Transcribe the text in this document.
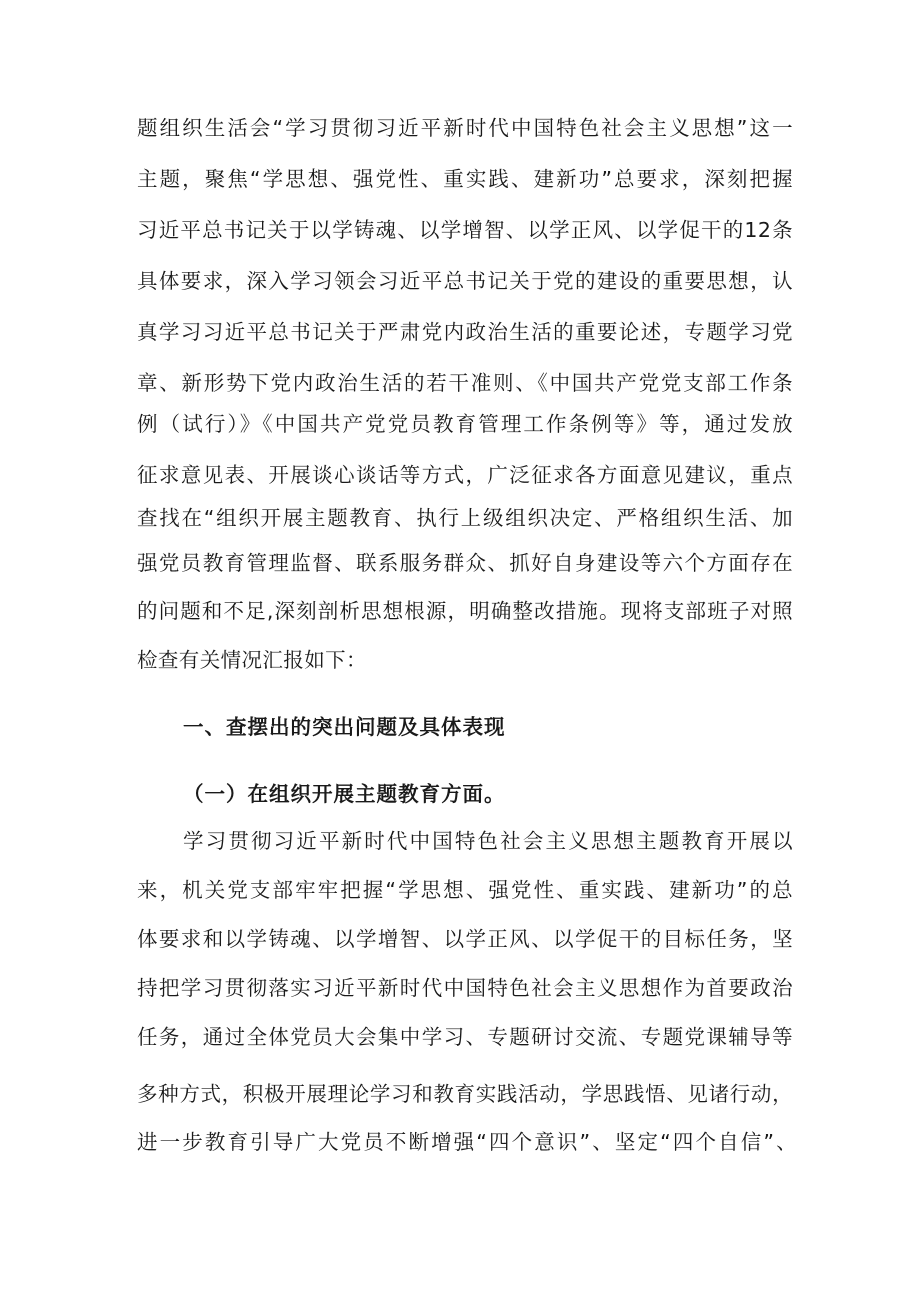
题组织生活会“学习贯彻习近平新时代中国特色社会主义思想”这一
主题，聚焦“学思想、强党性、重实践、建新功”总要求，深刻把握
习近平总书记关于以学铸魂、以学增智、以学正风、以学促干的12条
具体要求，深入学习领会习近平总书记关于党的建设的重要思想，认
真学习习近平总书记关于严肃党内政治生活的重要论述，专题学习党
章、新形势下党内政治生活的若干准则、《中国共产党党支部工作条
例（试行）》《中国共产党党员教育管理工作条例等》等，通过发放
征求意见表、开展谈心谈话等方式，广泛征求各方面意见建议，重点
查找在“组织开展主题教育、执行上级组织决定、严格组织生活、加
强党员教育管理监督、联系服务群众、抓好自身建设等六个方面存在
的问题和不足,深刻剖析思想根源，明确整改措施。现将支部班子对照
检查有关情况汇报如下：
一、查摆出的突出问题及具体表现
（一）在组织开展主题教育方面。
学习贯彻习近平新时代中国特色社会主义思想主题教育开展以
来，机关党支部牢牢把握“学思想、强党性、重实践、建新功”的总
体要求和以学铸魂、以学增智、以学正风、以学促干的目标任务，坚
持把学习贯彻落实习近平新时代中国特色社会主义思想作为首要政治
任务，通过全体党员大会集中学习、专题研讨交流、专题党课辅导等
多种方式，积极开展理论学习和教育实践活动，学思践悟、见诸行动，
进一步教育引导广大党员不断增强“四个意识”、坚定“四个自信”、
